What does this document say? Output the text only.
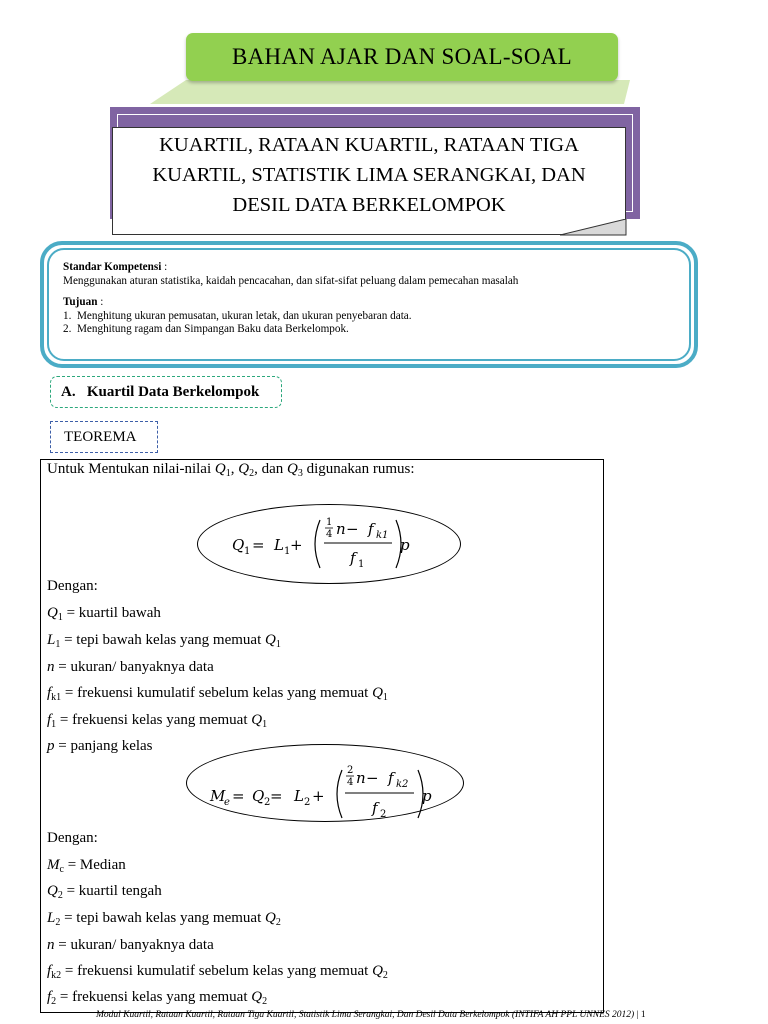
BAHAN AJAR DAN SOAL-SOAL
KUARTIL, RATAAN KUARTIL, RATAAN TIGA
KUARTIL, STATISTIK LIMA SERANGKAI, DAN
DESIL DATA BERKELOMPOK
Standar Kompetensi :
Menggunakan aturan statistika, kaidah pencacahan, dan sifat-sifat peluang dalam pemecahan masalah
Tujuan :
1.  Menghitung ukuran pemusatan, ukuran letak, dan ukuran penyebaran data.
2.  Menghitung ragam dan Simpangan Baku data Berkelompok.
A.   Kuartil Data Berkelompok
TEOREMA
Untuk Mentukan nilai-nilai $Q_1$, $Q_2$, dan $Q_3$ digunakan rumus:
Q 1 = L 1 +
1
4 n − f k1
f 1
p
Dengan:
$Q_1$ = kuartil bawah
$L_1$ = tepi bawah kelas yang memuat $Q_1$
n = ukuran/ banyaknya data
$f_{k1}$ = frekuensi kumulatif sebelum kelas yang memuat $Q_1$
$f_1$ = frekuensi kelas yang memuat $Q_1$
p = panjang kelas
M
e = Q 2 = L 2 +
2
4 n − f k2
f 2
p
Dengan:
$M_c$ = Median
$Q_2$ = kuartil tengah
$L_2$ = tepi bawah kelas yang memuat $Q_2$
n = ukuran/ banyaknya data
$f_{k2}$ = frekuensi kumulatif sebelum kelas yang memuat $Q_2$
$f_2$ = frekuensi kelas yang memuat $Q_2$
Modul Kuartil, Rataan Kuartil, Rataan Tiga Kuartil, Statistik Lima Serangkai, Dan Desil Data Berkelompok (INTIFA AH PPL UNNES 2012) | 1
